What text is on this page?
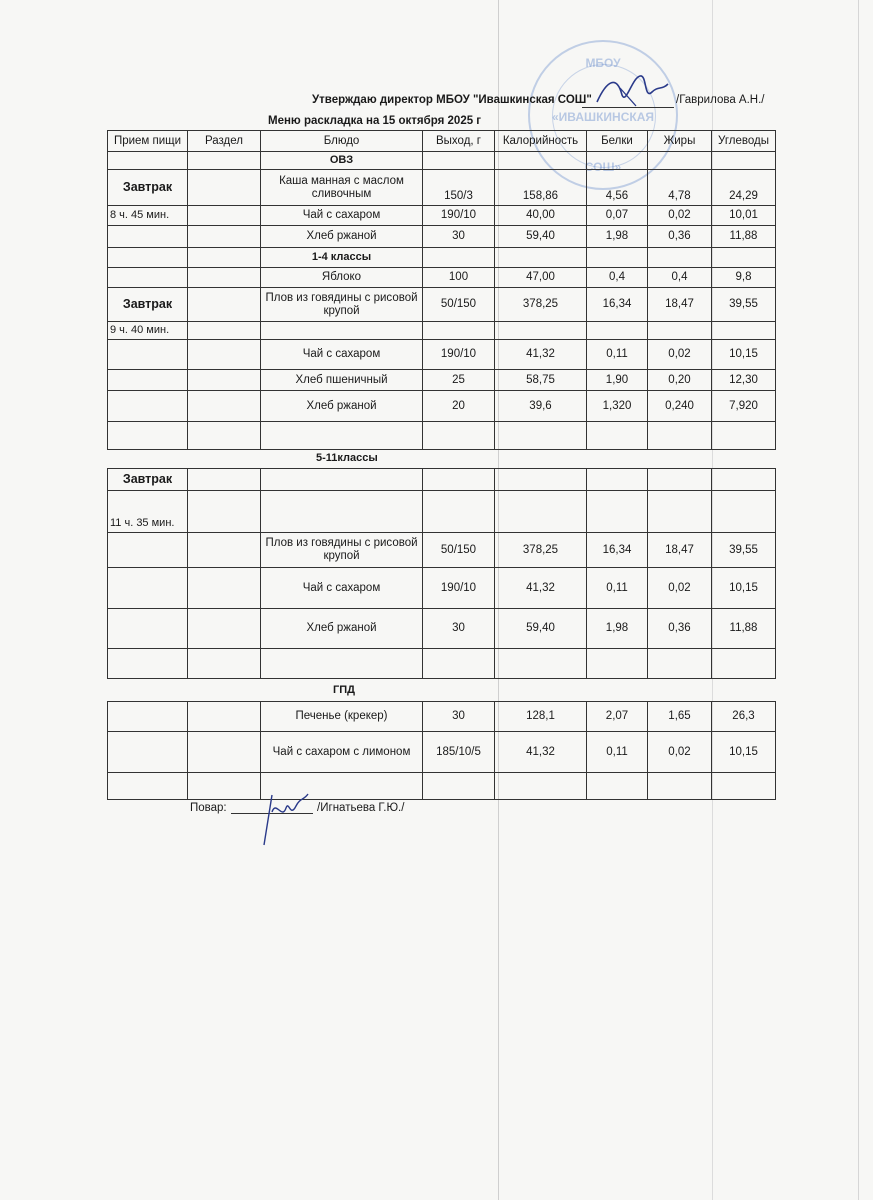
МБОУ
«ИВАШКИНСКАЯ
СОШ»
Утверждаю директор МБОУ "Ивашкинская СОШ"	/Гаврилова А.Н./
Меню раскладка на 15 октября 2025 г
Прием пищи	Раздел	Блюдо	Выход, г	Калорийность	Белки	Жиры	Углеводы
		ОВЗ					
Завтрак		Каша манная с маслом сливочным	150/3	158,86	4,56	4,78	24,29
8 ч. 45 мин.		Чай с сахаром	190/10	40,00	0,07	0,02	10,01
		Хлеб ржаной	30	59,40	1,98	0,36	11,88
		1-4 классы					
		Яблоко	100	47,00	0,4	0,4	9,8
Завтрак		Плов из говядины с рисовой крупой	50/150	378,25	16,34	18,47	39,55
9 ч. 40 мин.							
		Чай с сахаром	190/10	41,32	0,11	0,02	10,15
		Хлеб пшеничный	25	58,75	1,90	0,20	12,30
		Хлеб ржаной	20	39,6	1,320	0,240	7,920

5-11классы
Завтрак							
11 ч. 35 мин.							
		Плов из говядины с рисовой крупой	50/150	378,25	16,34	18,47	39,55
		Чай с сахаром	190/10	41,32	0,11	0,02	10,15
		Хлеб ржаной	30	59,40	1,98	0,36	11,88

ГПД
		Печенье (крекер)	30	128,1	2,07	1,65	26,3
		Чай с сахаром с лимоном	185/10/5	41,32	0,11	0,02	10,15

Повар:	/Игнатьева Г.Ю./
